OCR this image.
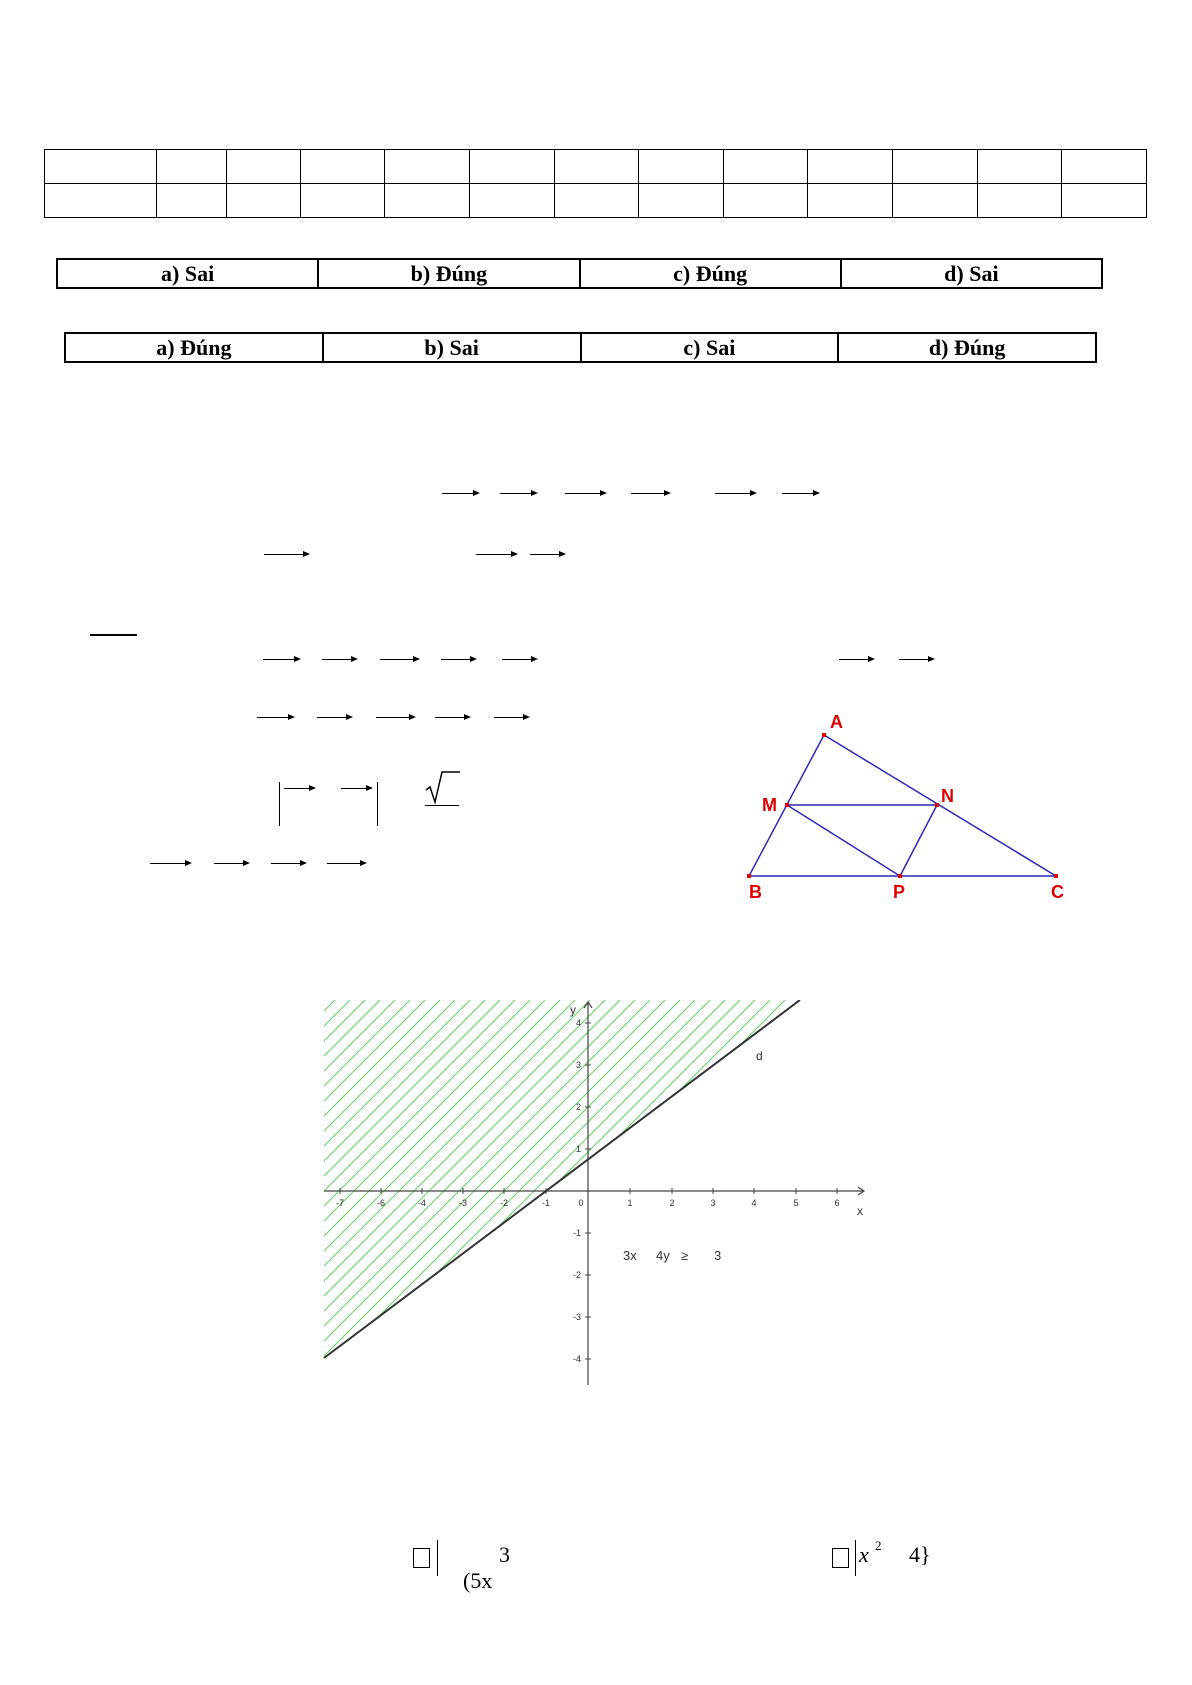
a) Sai	b) Đúng	c) Đúng	d) Sai
a) Đúng	b) Sai	c) Sai	d) Đúng
A
M	N
B	P	C
-7	-6	-4	-3	-2	-1	0	1	2	3	4	5	6
4
3
2
1
-1
-2
-3
-4
x
y
d
3x 4y ≥ 3

(5x

3	x 2 4}
